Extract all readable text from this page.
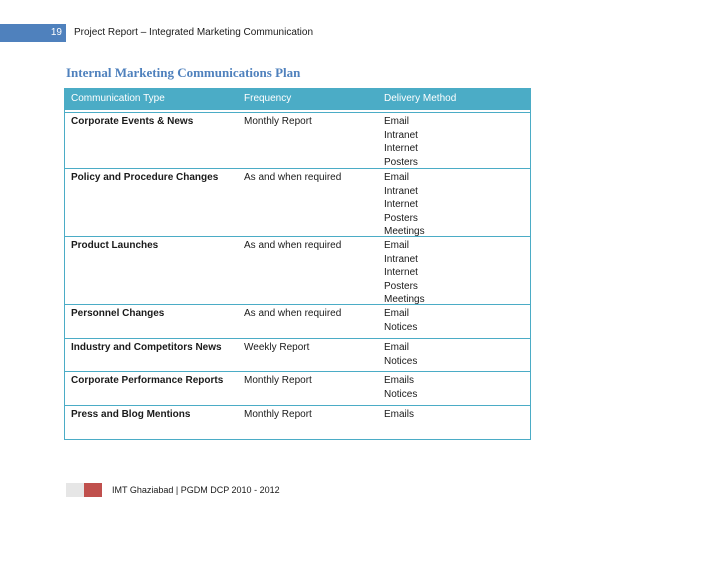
19	Project Report – Integrated Marketing Communication
Internal Marketing Communications Plan
Communication Type	Frequency	Delivery Method
Corporate Events & News	Monthly Report	Email
Intranet
Internet
Posters
Policy and Procedure Changes	As and when required	Email
Intranet
Internet
Posters
Meetings
Product Launches	As and when required	Email
Intranet
Internet
Posters
Meetings
Personnel Changes	As and when required	Email
Notices
Industry and Competitors News	Weekly Report	Email
Notices
Corporate Performance Reports	Monthly Report	Emails
Notices
Press and Blog Mentions	Monthly Report	Emails
IMT Ghaziabad | PGDM DCP 2010 - 2012
